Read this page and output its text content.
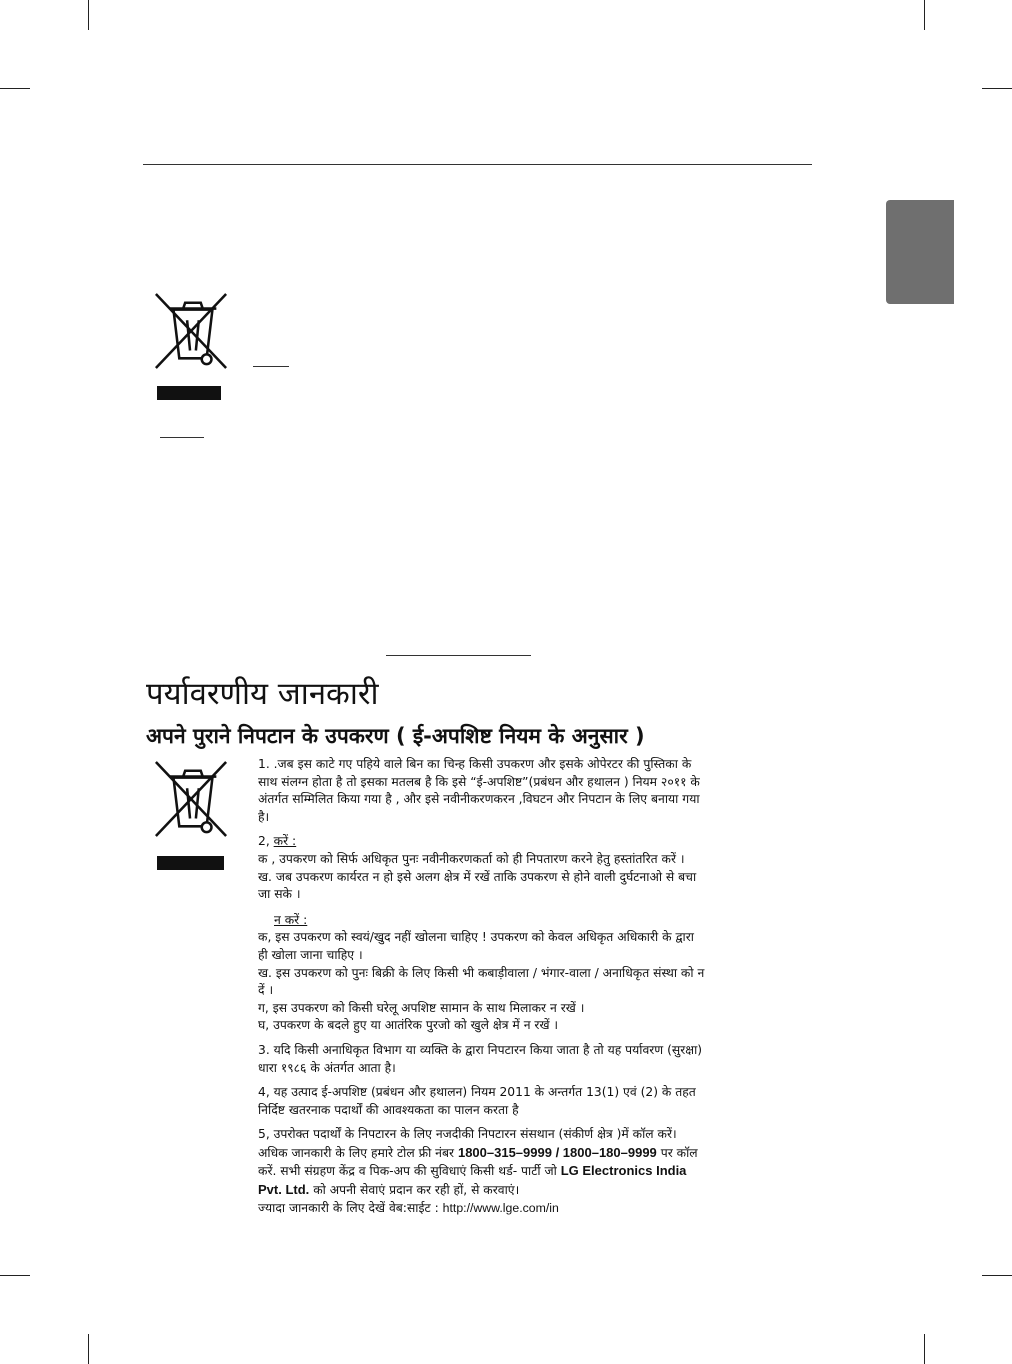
पर्यावरणीय जानकारी
अपने पुराने निपटान के उपकरण ( ई-अपशिष्ट नियम के अनुसार )

1. .जब इस काटे गए पहिये वाले बिन का चिन्ह किसी उपकरण और इसके ओपेरटर की पुस्तिका के साथ संलग्न होता है तो इसका मतलब है कि इसे “ई-अपशिष्ट”(प्रबंधन और हथालन ) नियम २०११ के अंतर्गत सम्मिलित किया गया है , और इसे नवीनीकरणकरन ,विघटन और निपटान के लिए बनाया गया है।

2, करें :
क , उपकरण को सिर्फ अधिकृत पुनः नवीनीकरणकर्ता को ही निपतारण करने हेतु हस्तांतरित करें ।
ख. जब उपकरण कार्यरत न हो इसे अलग क्षेत्र में रखें ताकि उपकरण से होने वाली दुर्घटनाओ से बचा जा सके ।

न करें :
क, इस उपकरण को स्वयं/खुद नहीं खोलना चाहिए ! उपकरण को केवल अधिकृत अधिकारी के द्वारा ही खोला जाना चाहिए ।
ख. इस उपकरण को पुनः बिक्री के लिए किसी भी कबाड़ीवाला / भंगार-वाला / अनाधिकृत संस्था को न दें ।
ग, इस उपकरण को किसी घरेलू अपशिष्ट सामान के साथ मिलाकर न रखें ।
घ, उपकरण के बदले हुए या आतंरिक पुरजो को खुले क्षेत्र में न रखें ।

3. यदि किसी अनाधिकृत विभाग या व्यक्ति के द्वारा निपटारन किया जाता है तो यह पर्यावरण (सुरक्षा) धारा १९८६ के अंतर्गत आता है।

4, यह उत्पाद ई-अपशिष्ट (प्रबंधन और हथालन) नियम 2011 के अन्तर्गत 13(1) एवं (2) के तहत निर्दिष्ट खतरनाक पदार्थों की आवश्यकता का पालन करता है

5, उपरोक्त पदार्थों के निपटारन के लिए नजदीकी निपटारन संसथान (संकीर्ण क्षेत्र )में कॉल करें। अधिक जानकारी के लिए हमारे टोल फ्री नंबर 1800–315–9999 / 1800–180–9999 पर कॉल करें. सभी संग्रहण केंद्र व पिक-अप की सुविधाएं किसी थर्ड- पार्टी जो LG Electronics India Pvt. Ltd. को अपनी सेवाएं प्रदान कर रही हों, से करवाएं।
ज्यादा जानकारी के लिए देखें वेब:साईट : http://www.lge.com/in
